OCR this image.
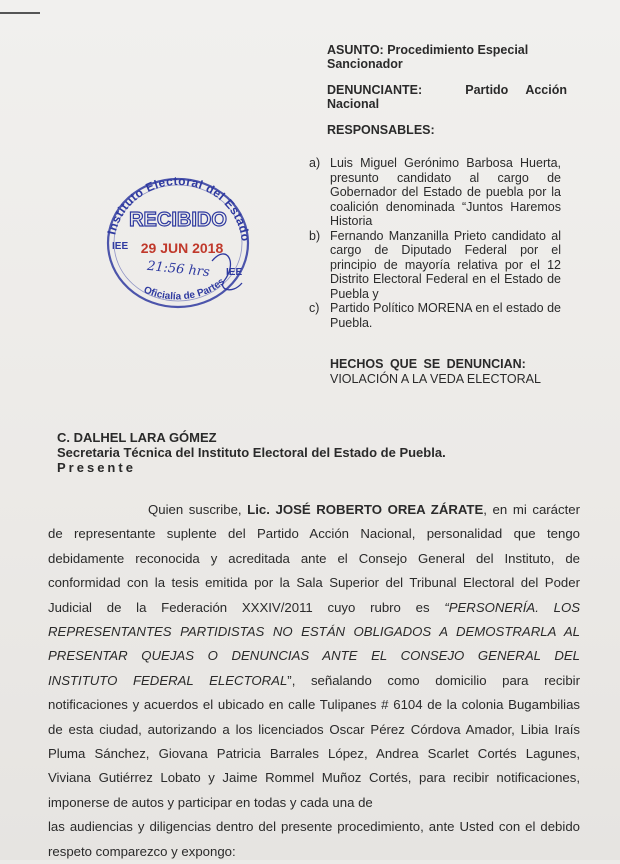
ASUNTO: Procedimiento Especial
Sancionador
DENUNCIANTE:	Partido Acción
Nacional
RESPONSABLES:
a) Luis Miguel Gerónimo Barbosa Huerta, presunto candidato al cargo de Gobernador del Estado de puebla por la coalición denominada “Juntos Haremos Historia
b) Fernando Manzanilla Prieto candidato al cargo de Diputado Federal por el principio de mayoría relativa por el 12 Distrito Electoral Federal en el Estado de Puebla y
c) Partido Político MORENA en el estado de Puebla.
HECHOS QUE SE DENUNCIAN:
VIOLACIÓN A LA VEDA ELECTORAL
Instituto Electoral del Estado
Oficialía de Partes
RECIBIDO
29 JUN 2018
21:56 hrs
IEE
IEE
C. DALHEL LARA GÓMEZ
Secretaria Técnica del Instituto Electoral del Estado de Puebla.
Presente

Quien suscribe, Lic. JOSÉ ROBERTO OREA ZÁRATE, en mi carácter
de representante suplente del Partido Acción Nacional, personalidad que tengo
debidamente reconocida y acreditada ante el Consejo General del Instituto, de
conformidad con la tesis emitida por la Sala Superior del Tribunal Electoral del Poder
Judicial de la Federación XXXIV/2011 cuyo rubro es “PERSONERÍA. LOS
REPRESENTANTES PARTIDISTAS NO ESTÁN OBLIGADOS A DEMOSTRARLA AL
PRESENTAR QUEJAS O DENUNCIAS ANTE EL CONSEJO GENERAL DEL
INSTITUTO FEDERAL ELECTORAL”, señalando como domicilio para recibir
notificaciones y acuerdos el ubicado en calle Tulipanes # 6104 de la colonia Bugambilias
de esta ciudad, autorizando a los licenciados Oscar Pérez Córdova Amador, Libia Iraís
Pluma Sánchez, Giovana Patricia Barrales López, Andrea Scarlet Cortés Lagunes,
Viviana Gutiérrez Lobato y Jaime Rommel Muñoz Cortés, para recibir notificaciones,
imponerse de autos y participar en todas y cada una de
las audiencias y diligencias dentro del presente procedimiento, ante Usted con el debido
respeto comparezco y expongo:
